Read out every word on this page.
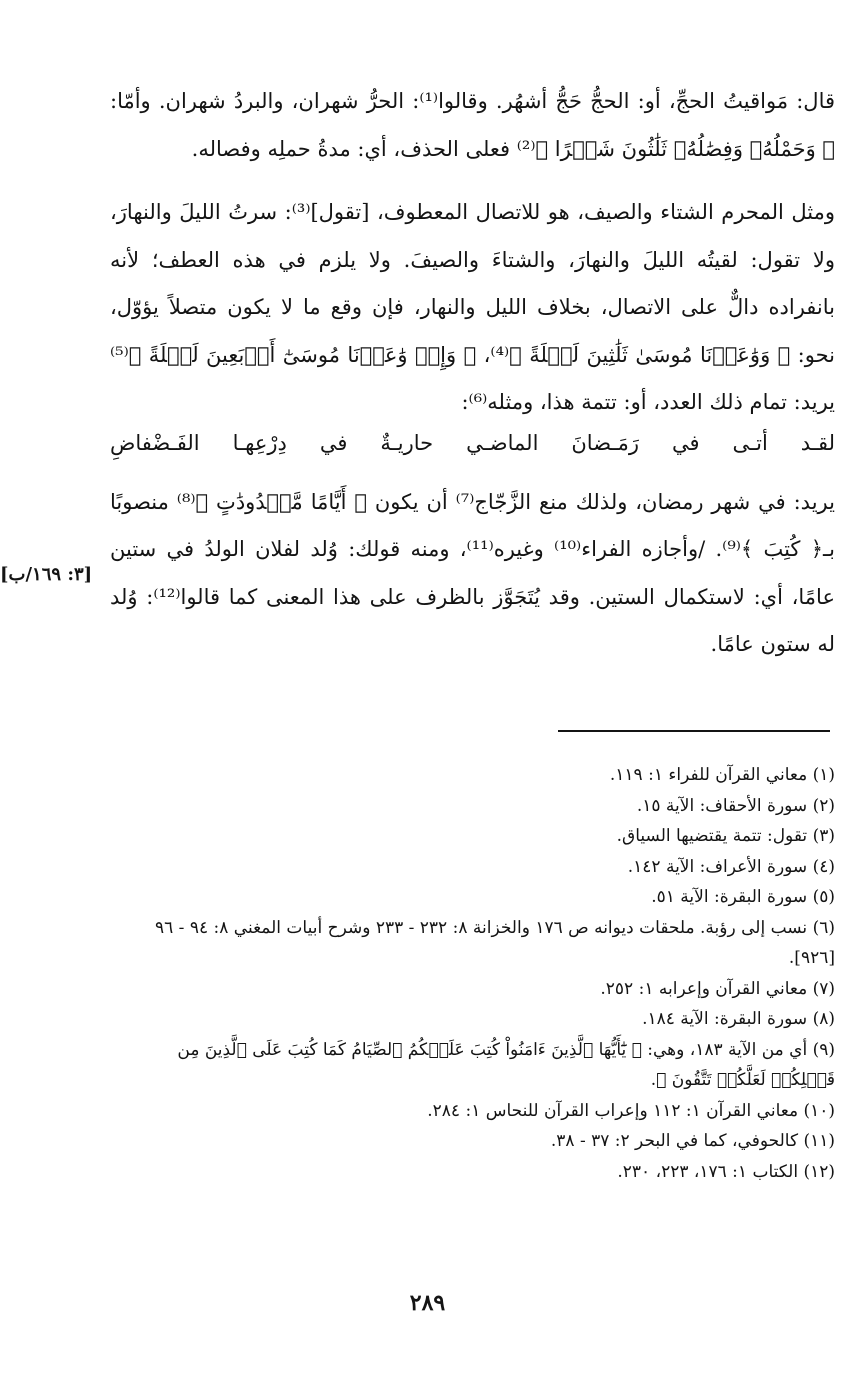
قال: مَواقيتُ الحجِّ، أو: الحجُّ حَجُّ أشهُر. وقالوا⁽¹⁾: الحرُّ شهران، والبردُ شهران. وأمّا: ﴿ وَحَمْلُهُۥ وَفِصَٰلُهُۥ ثَلَٰثُونَ شَهۡرًا ﴾⁽²⁾ فعلى الحذف، أي: مدةُ حملِه وفصاله.

ومثل المحرم الشتاء والصيف، هو للاتصال المعطوف، [تقول]⁽³⁾: سرتُ الليلَ والنهارَ، ولا تقول: لقيتُه الليلَ والنهارَ، والشتاءَ والصيفَ. ولا يلزم في هذه العطف؛ لأنه بانفراده دالٌّ على الاتصال، بخلاف الليل والنهار، فإن وقع ما لا يكون متصلاً يؤوّل، نحو: ﴿ وَوَٰعَدۡنَا مُوسَىٰ ثَلَٰثِينَ لَيۡلَةً ﴾⁽⁴⁾، ﴿ وَإِذۡ وَٰعَدۡنَا مُوسَىٰٓ أَرۡبَعِينَ لَيۡلَةً ﴾⁽⁵⁾ يريد: تمام ذلك العدد، أو: تتمة هذا، ومثله⁽⁶⁾:

لقـد أتـى في رَمَـضانَ الماضـي حاريـةٌ في دِرْعِهـا الفَـضْفاضِ

يريد: في شهر رمضان، ولذلك منع الزَّجّاج⁽⁷⁾ أن يكون ﴿ أَيَّامًا مَّعۡدُودَٰتٍ ﴾⁽⁸⁾ منصوبًا بـ﴿ كُتِبَ ﴾⁽⁹⁾. /وأجازه الفراء⁽¹⁰⁾ وغيره⁽¹¹⁾، ومنه قولك: وُلد لفلان الولدُ في ستين عامًا، أي: لاستكمال الستين. وقد يُتَجَوَّز بالظرف على هذا المعنى كما قالوا⁽¹²⁾: وُلد له ستون عامًا.

[٣: ١٦٩/ب]

(١) معاني القرآن للفراء ١: ١١٩.

(٢) سورة الأحقاف: الآية ١٥.

(٣) تقول: تتمة يقتضيها السياق.

(٤) سورة الأعراف: الآية ١٤٢.

(٥) سورة البقرة: الآية ٥١.

(٦) نسب إلى رؤبة. ملحقات ديوانه ص ١٧٦ والخزانة ٨: ٢٣٢ - ٢٣٣ وشرح أبيات المغني ٨: ٩٤ - ٩٦ [٩٢٦].

(٧) معاني القرآن وإعرابه ١: ٢٥٢.

(٨) سورة البقرة: الآية ١٨٤.

(٩) أي من الآية ١٨٣، وهي: ﴿ يَٰٓأَيُّهَا ٱلَّذِينَ ءَامَنُواْ كُتِبَ عَلَيۡكُمُ ٱلصِّيَامُ كَمَا كُتِبَ عَلَى ٱلَّذِينَ مِن قَبۡلِكُمۡ لَعَلَّكُمۡ تَتَّقُونَ ﴾.

(١٠) معاني القرآن ١: ١١٢ وإعراب القرآن للنحاس ١: ٢٨٤.

(١١) كالحوفي، كما في البحر ٢: ٣٧ - ٣٨.

(١٢) الكتاب ١: ١٧٦، ٢٢٣، ٢٣٠.

٢٨٩
